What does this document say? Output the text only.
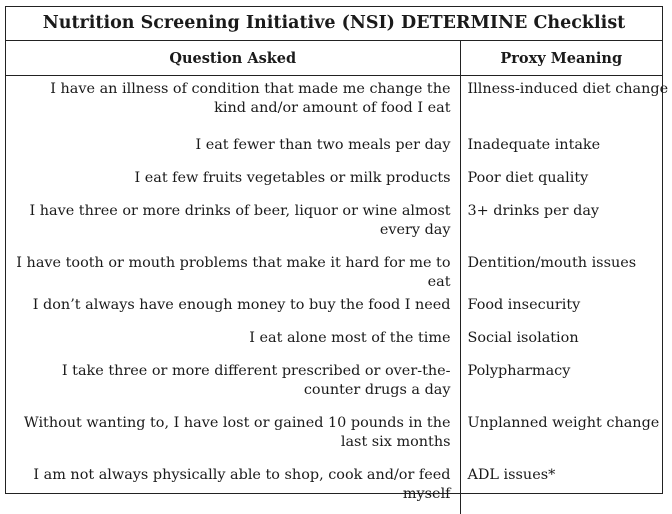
Nutrition Screening Initiative (NSI) DETERMINE Checklist
Question Asked	Proxy Meaning
I have an illness of condition that made me change the kind and/or amount of food I eat	Illness-induced diet change
I eat fewer than two meals per day	Inadequate intake
I eat few fruits vegetables or milk products	Poor diet quality
I have three or more drinks of beer, liquor or wine almost every day	3+ drinks per day
I have tooth or mouth problems that make it hard for me to eat	Dentition/mouth issues
I don’t always have enough money to buy the food I need	Food insecurity
I eat alone most of the time	Social isolation
I take three or more different prescribed or over-the-counter drugs a day	Polypharmacy
Without wanting to, I have lost or gained 10 pounds in the last six months	Unplanned weight change
I am not always physically able to shop, cook and/or feed myself	ADL issues*
